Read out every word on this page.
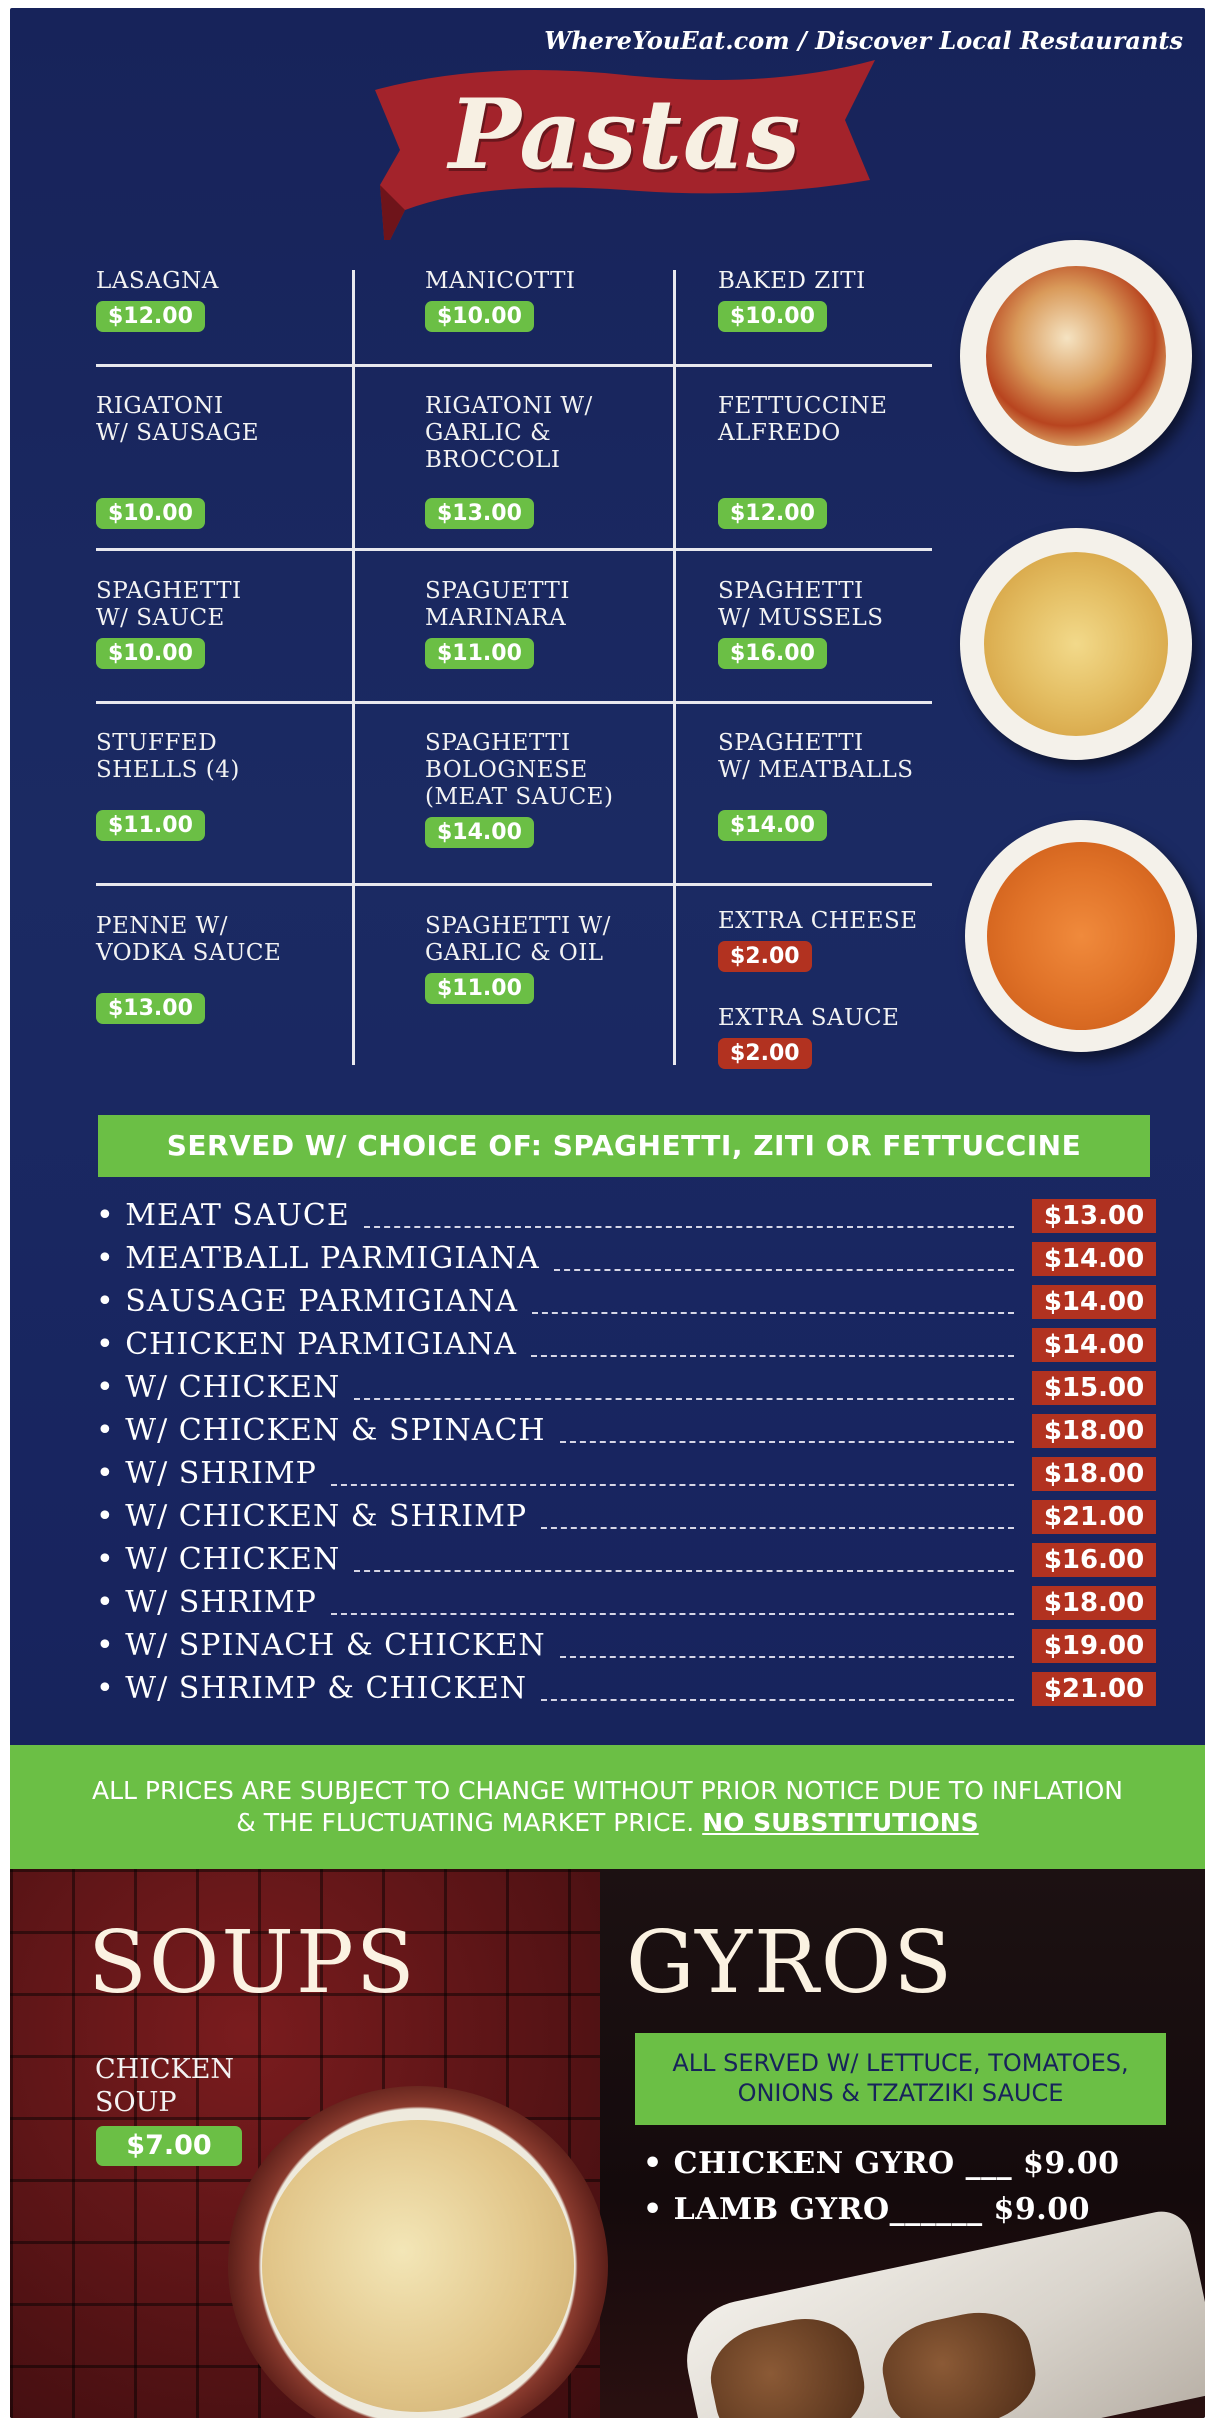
WhereYouEat.com / Discover Local Restaurants
Pastas
LASAGNA
$12.00
MANICOTTI
$10.00
BAKED ZITI
$10.00
RIGATONI
W/ SAUSAGE
$10.00
RIGATONI W/
GARLIC &
BROCCOLI
$13.00
FETTUCCINE
ALFREDO
$12.00
SPAGHETTI
W/ SAUCE
$10.00
SPAGUETTI
MARINARA
$11.00
SPAGHETTI
W/ MUSSELS
$16.00
STUFFED
SHELLS (4)
$11.00
SPAGHETTI
BOLOGNESE
(MEAT SAUCE)
$14.00
SPAGHETTI
W/ MEATBALLS
$14.00
PENNE W/
VODKA SAUCE
$13.00
SPAGHETTI W/
GARLIC & OIL
$11.00
EXTRA CHEESE
$2.00
EXTRA SAUCE
$2.00
SERVED W/ CHOICE OF: SPAGHETTI, ZITI OR FETTUCCINE
• MEAT SAUCE	$13.00
• MEATBALL PARMIGIANA	$14.00
• SAUSAGE PARMIGIANA	$14.00
• CHICKEN PARMIGIANA	$14.00
• W/ CHICKEN	$15.00
• W/ CHICKEN & SPINACH	$18.00
• W/ SHRIMP	$18.00
• W/ CHICKEN & SHRIMP	$21.00
• W/ CHICKEN	$16.00
• W/ SHRIMP	$18.00
• W/ SPINACH & CHICKEN	$19.00
• W/ SHRIMP & CHICKEN	$21.00
ALL PRICES ARE SUBJECT TO CHANGE WITHOUT PRIOR NOTICE DUE TO INFLATION
& THE FLUCTUATING MARKET PRICE. NO SUBSTITUTIONS
SOUPS GYROS
CHICKEN
SOUP
$7.00
ALL SERVED W/ LETTUCE, TOMATOES,
ONIONS & TZATZIKI SAUCE
• CHICKEN GYRO ___ $9.00
• LAMB GYRO______ $9.00
